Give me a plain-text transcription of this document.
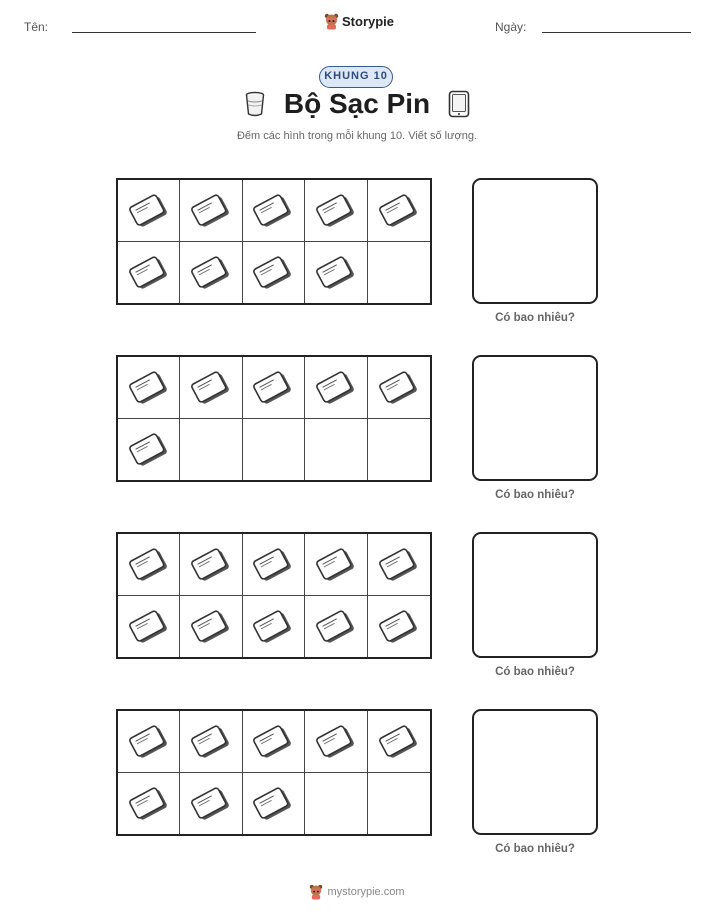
Tên:	Storypie	Ngày:
KHUNG 10
Bộ Sạc Pin
Đếm các hình trong mỗi khung 10. Viết số lượng.
Có bao nhiêu?
Có bao nhiêu?
Có bao nhiêu?
Có bao nhiêu?
mystorypie.com
